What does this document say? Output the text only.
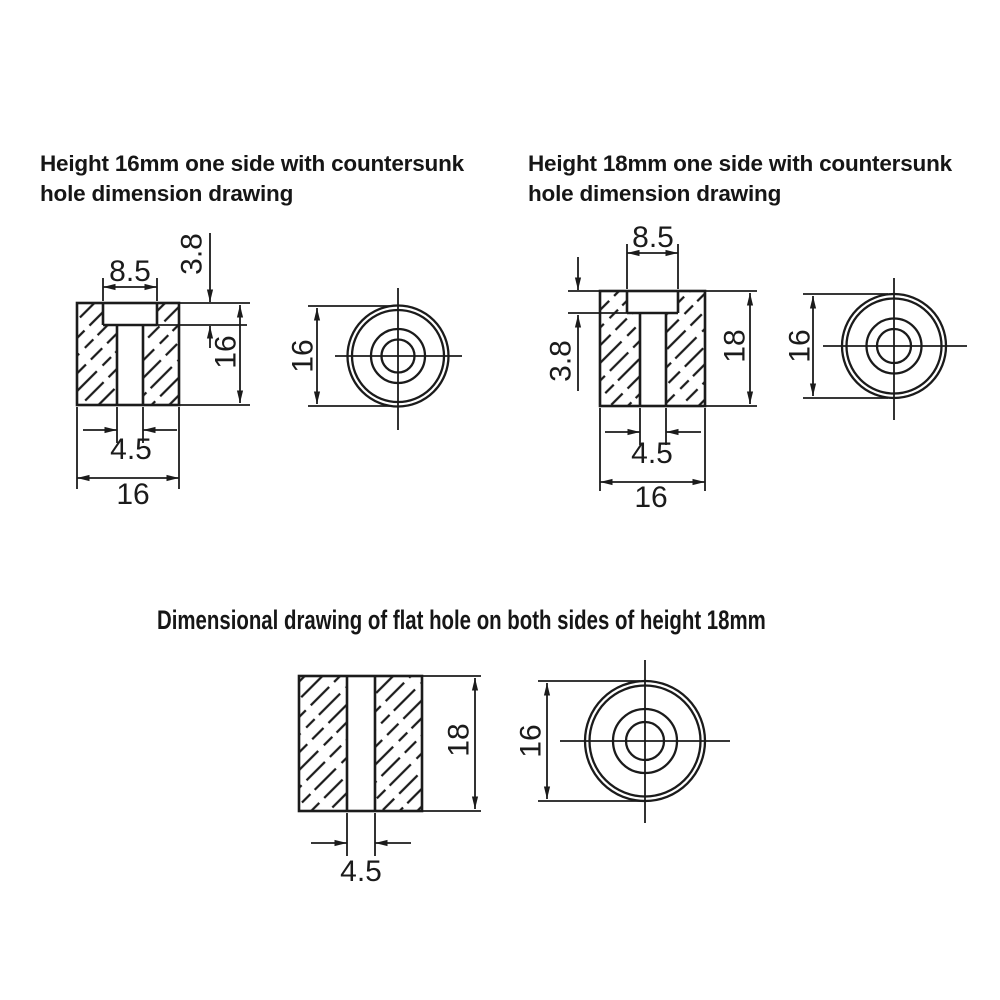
Height 16mm one side with countersunk
hole dimension drawing
Height 18mm one side with countersunk
hole dimension drawing
Dimensional drawing of flat hole on both sides of height 18mm
8.5 3.8
16
4.5
16
16
8.5
3.8	18
4.5
16
16
18
4.5
16
